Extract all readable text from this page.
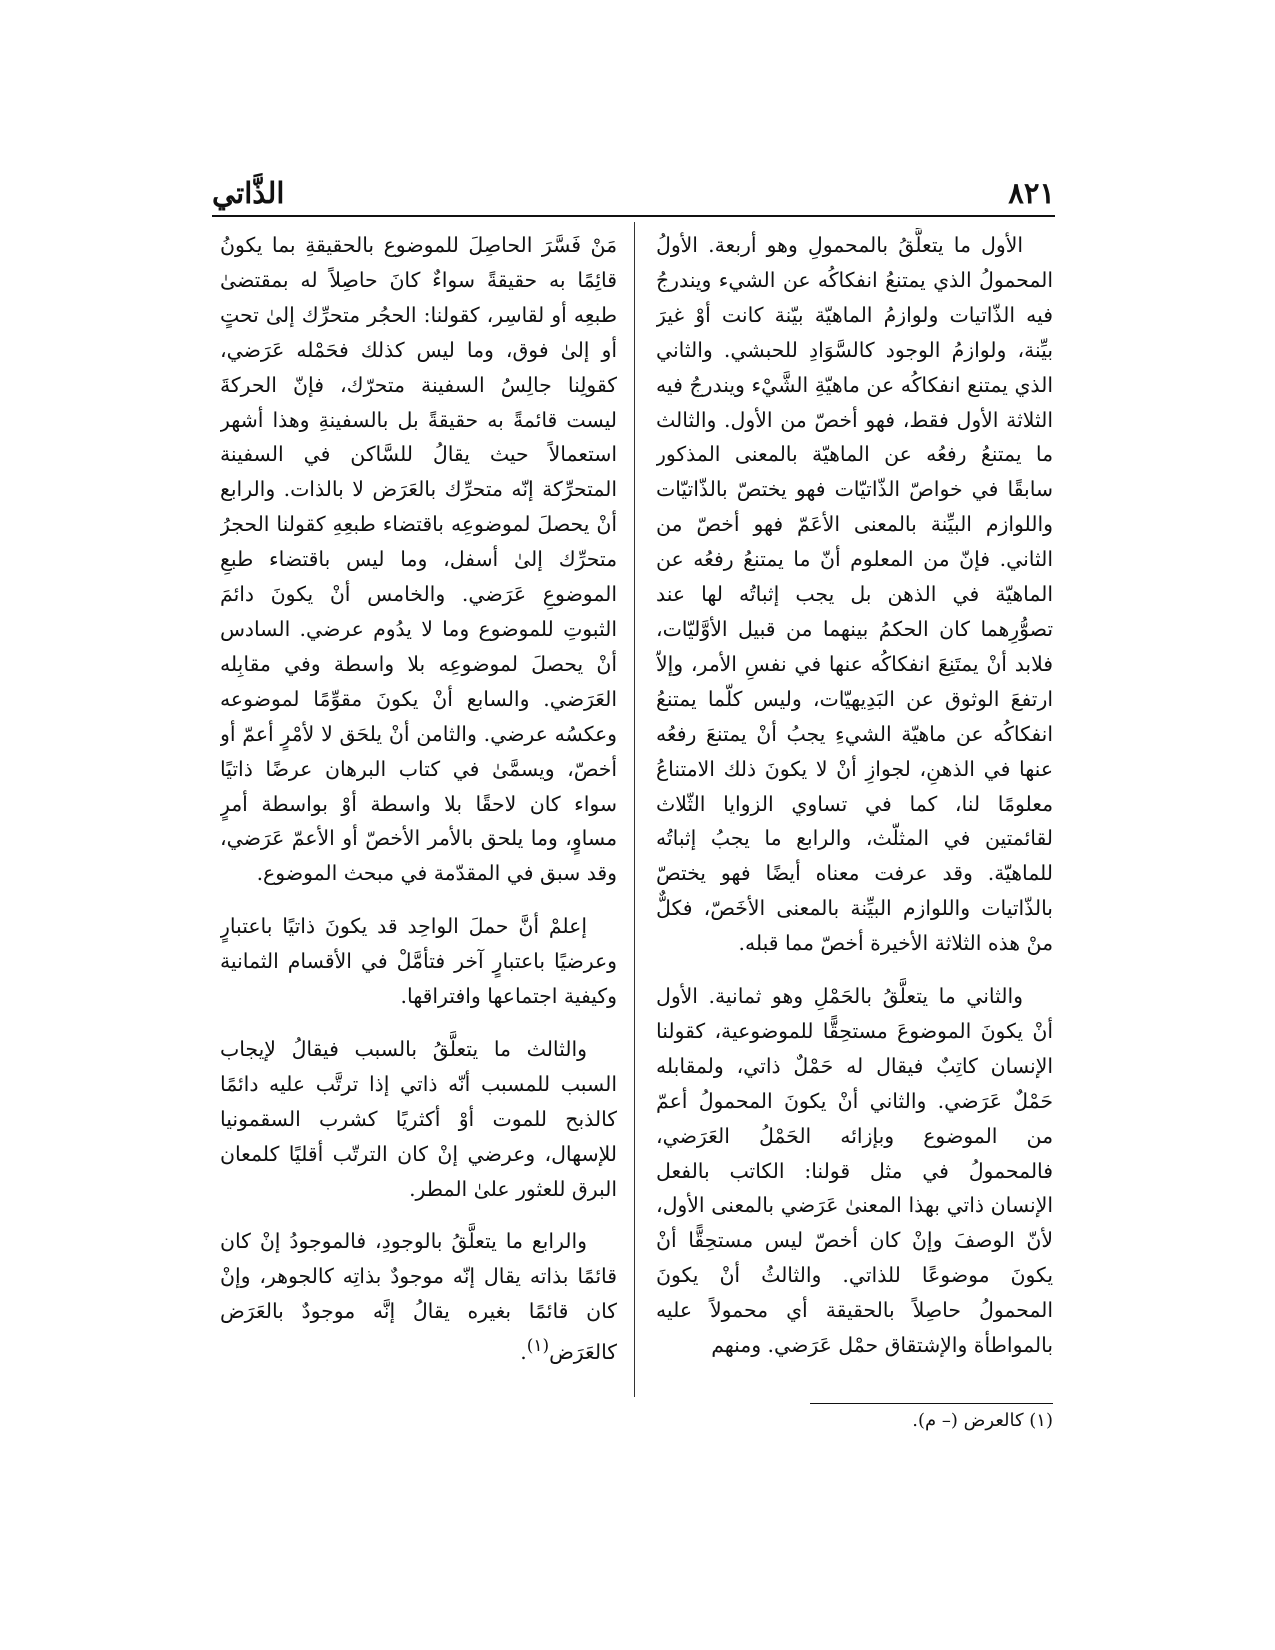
٨٢١
الذَّاتي

الأول ما يتعلَّقُ بالمحمولِ وهو أربعة. الأولُ المحمولُ الذي يمتنعُ انفكاكُه عن الشيء ويندرجُ فيه الذّاتيات ولوازمُ الماهيّة بيّنة كانت أوْ غيرَ بيِّنة، ولوازمُ الوجود كالسَّوَادِ للحبشي. والثاني الذي يمتنع انفكاكُه عن ماهيّةِ الشَّيْء ويندرجُ فيه الثلاثة الأول فقط، فهو أخصّ من الأول. والثالث ما يمتنعُ رفعُه عن الماهيّة بالمعنى المذكور سابقًا في خواصّ الذّاتيّات فهو يختصّ بالذّاتيّات واللوازم البيِّنة بالمعنى الأعَمّ فهو أخصّ من الثاني. فإنّ من المعلوم أنّ ما يمتنعُ رفعُه عن الماهيّة في الذهن بل يجب إثباتُه لها عند تصوُّرِهما كان الحكمُ بينهما من قبيل الأوَّليّات، فلابد أنْ يمتَنِعَ انفكاكُه عنها في نفسِ الأمر، وإلاّ ارتفعَ الوثوق عن البَدِيهيّات، وليس كلّما يمتنعُ انفكاكُه عن ماهيّة الشيءِ يجبُ أنْ يمتنعَ رفعُه عنها في الذهنِ، لجوازِ أنْ لا يكونَ ذلك الامتناعُ معلومًا لنا، كما في تساوي الزوايا الثّلاث لقائمتين في المثلّث، والرابع ما يجبُ إثباتُه للماهيّة. وقد عرفت معناه أيضًا فهو يختصّ بالذّاتيات واللوازم البيِّنة بالمعنى الأخَصّ، فكلٌّ منْ هذه الثلاثة الأخيرة أخصّ مما قبله.

والثاني ما يتعلَّقُ بالحَمْلِ وهو ثمانية. الأول أنْ يكونَ الموضوعَ مستحِقًّا للموضوعية، كقولنا الإنسان كاتِبٌ فيقال له حَمْلٌ ذاتي، ولمقابله حَمْلٌ عَرَضي. والثاني أنْ يكونَ المحمولُ أعمّ من الموضوع وبإزائه الحَمْلُ العَرَضي، فالمحمولُ في مثل قولنا: الكاتب بالفعل الإنسان ذاتي بهذا المعنىٰ عَرَضي بالمعنى الأول، لأنّ الوصفَ وإنْ كان أخصّ ليس مستحِقًّا أنْ يكونَ موضوعًا للذاتي. والثالثُ أنْ يكونَ المحمولُ حاصِلاً بالحقيقة أي محمولاً عليه بالمواطأة والإشتقاق حمْل عَرَضي. ومنهم

مَنْ فَسَّرَ الحاصِلَ للموضوع بالحقيقةِ بما يكونُ قائِمًا به حقيقةً سواءٌ كانَ حاصِلاً له بمقتضىٰ طبعِه أو لقاسِر، كقولنا: الحجُر متحرِّك إلىٰ تحتٍ أو إلىٰ فوق، وما ليس كذلك فحَمْله عَرَضي، كقولِنا جالِسُ السفينة متحرّك، فإنّ الحركةَ ليست قائمةً به حقيقةً بل بالسفينةِ وهذا أشهر استعمالاً حيث يقالُ للسَّاكن في السفينة المتحرِّكة إنّه متحرِّك بالعَرَض لا بالذات. والرابع أنْ يحصلَ لموضوعِه باقتضاء طبعِهِ كقولنا الحجرُ متحرِّك إلىٰ أسفل، وما ليس باقتضاء طبعِ الموضوعِ عَرَضي. والخامس أنْ يكونَ دائمَ الثبوتِ للموضوع وما لا يدُوم عرضي. السادس أنْ يحصلَ لموضوعِه بلا واسطة وفي مقابِله العَرَضي. والسابع أنْ يكونَ مقوِّمًا لموضوعه وعكسُه عرضي. والثامن أنْ يلحَق لا لأمْرٍ أعمّ أو أخصّ، ويسمَّىٰ في كتاب البرهان عرضًا ذاتيًا سواء كان لاحقًا بلا واسطة أوْ بواسطة أمرٍ مساوٍ، وما يلحق بالأمر الأخصّ أو الأعمّ عَرَضي، وقد سبق في المقدّمة في مبحث الموضوع.

إعلمْ أنَّ حملَ الواحِد قد يكونَ ذاتيًا باعتبارٍ وعرضيًا باعتبارٍ آخر فتأمَّلْ في الأقسام الثمانية وكيفية اجتماعها وافتراقها.

والثالث ما يتعلَّقُ بالسبب فيقالُ لإيجاب السبب للمسبب أنّه ذاتي إذا ترتَّب عليه دائمًا كالذبح للموت أوْ أكثريًا كشرب السقمونيا للإسهال، وعرضي إنْ كان الترتّب أقليًا كلمعان البرق للعثور علىٰ المطر.

والرابع ما يتعلَّقُ بالوجودِ، فالموجودُ إنْ كان قائمًا بذاته يقال إنّه موجودٌ بذاتِه كالجوهر، وإنْ كان قائمًا بغيره يقالُ إنَّه موجودٌ بالعَرَض كالعَرَض$^{(١)}$.

(١) كالعرض (– م).
